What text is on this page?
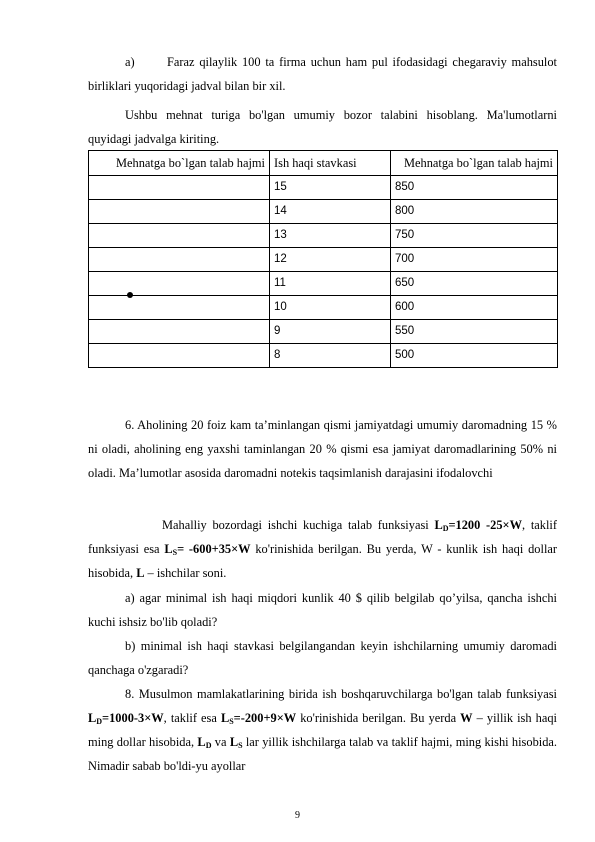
a)	Faraz qilaylik 100 ta firma uchun ham pul ifodasidagi chegaraviy mahsulot birliklari yuqoridagi jadval bilan bir xil.

Ushbu mehnat turiga bo'lgan umumiy bozor talabini hisoblang. Ma'lumotlarni quyidagi jadvalga kiriting.

Mehnatga bo`lgan talab hajmi	Ish haqi stavkasi	Mehnatga bo`lgan talab hajmi
	15	850
	14	800
	13	750
	12	700
	11	650
	10	600
	9	550
	8	500

6. Aholining 20 foiz kam ta’minlangan qismi jamiyatdagi umumiy daromadning 15 % ni oladi, aholining eng yaxshi taminlangan 20 % qismi esa jamiyat daromadlarining 50% ni oladi. Ma’lumotlar asosida daromadni notekis taqsimlanish darajasini ifodalovchi

Mahalliy bozordagi ishchi kuchiga talab funksiyasi $L_D=1200$ -25×W, taklif funksiyasi esa $L_S= -600+35\times W$ ko'rinishida berilgan. Bu yerda, W - kunlik ish haqi dollar hisobida, L – ishchilar soni.

a) agar minimal ish haqi miqdori kunlik 40 $ qilib belgilab qo’yilsa, qancha ishchi kuchi ishsiz bo'lib qoladi?

b) minimal ish haqi stavkasi belgilangandan keyin ishchilarning umumiy daromadi qanchaga o'zgaradi?

8. Musulmon mamlakatlarining birida ish boshqaruvchilarga bo'lgan talab funksiyasi $L_D=1000-3\times W$, taklif esa $L_S=-200+9\times W$ ko'rinishida berilgan. Bu yerda W – yillik ish haqi ming dollar hisobida, $L_D$ va $L_S$ lar yillik ishchilarga talab va taklif hajmi, ming kishi hisobida. Nimadir sabab bo'ldi-yu ayollar

9
